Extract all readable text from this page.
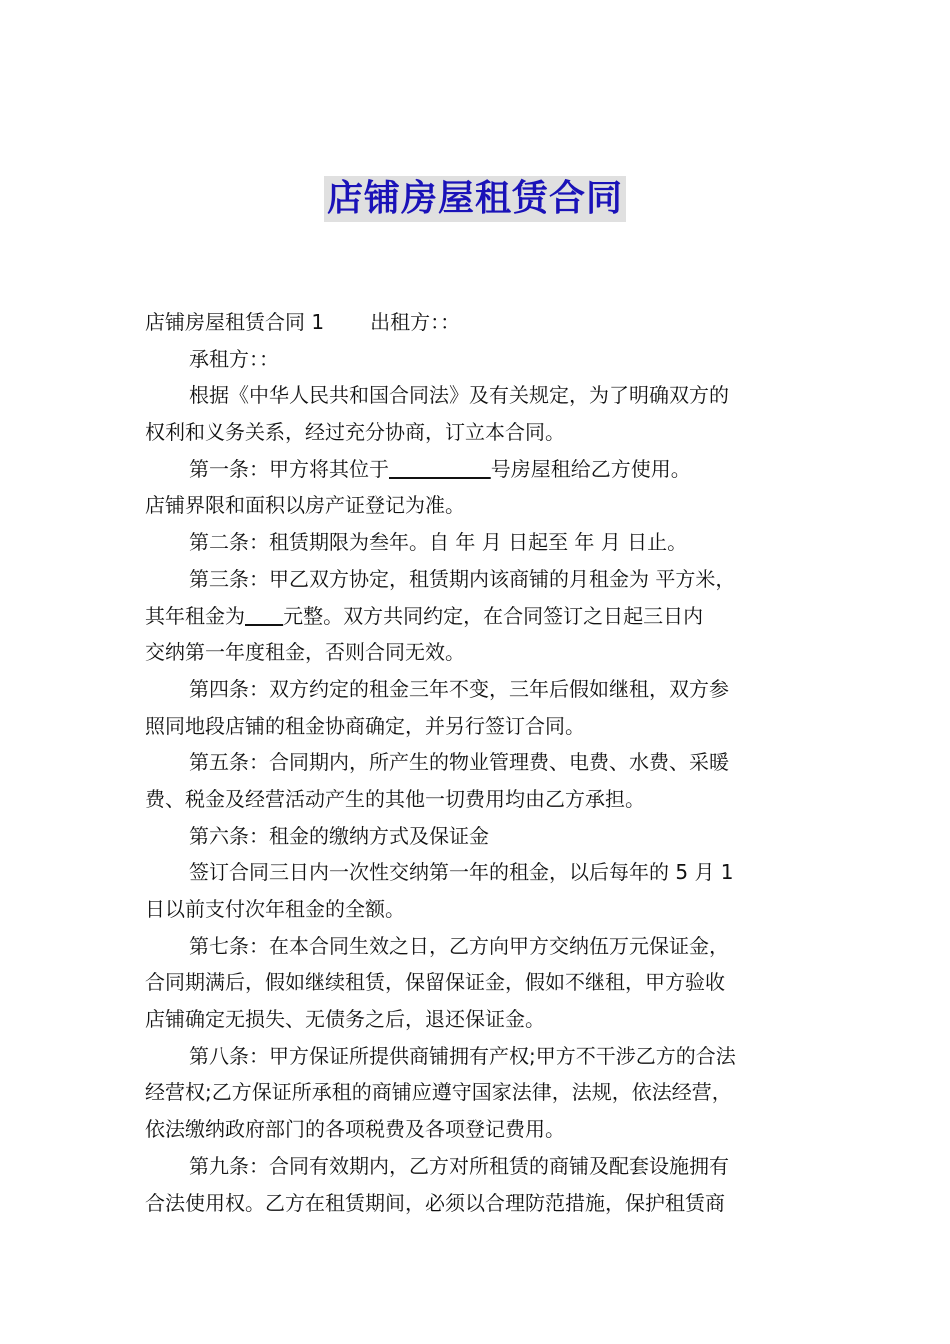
店铺房屋租赁合同
店铺房屋租赁合同 1 出租方：：
承租方：：
根据《中华人民共和国合同法》及有关规定，为了明确双方的
权利和义务关系，经过充分协商，订立本合同。
第一条：甲方将其位于	号房屋租给乙方使用。
店铺界限和面积以房产证登记为准。
第二条：租赁期限为叁年。自 年 月 日起至 年 月 日止。
第三条：甲乙双方协定，租赁期内该商铺的月租金为 平方米，
其年租金为 元整。双方共同约定，在合同签订之日起三日内
交纳第一年度租金，否则合同无效。
第四条：双方约定的租金三年不变，三年后假如继租，双方参
照同地段店铺的租金协商确定，并另行签订合同。
第五条：合同期内，所产生的物业管理费、电费、水费、采暖
费、税金及经营活动产生的其他一切费用均由乙方承担。
第六条：租金的缴纳方式及保证金
签订合同三日内一次性交纳第一年的租金，以后每年的 5 月 1
日以前支付次年租金的全额。
第七条：在本合同生效之日，乙方向甲方交纳伍万元保证金，
合同期满后，假如继续租赁，保留保证金，假如不继租，甲方验收
店铺确定无损失、无债务之后，退还保证金。
第八条：甲方保证所提供商铺拥有产权;甲方不干涉乙方的合法
经营权;乙方保证所承租的商铺应遵守国家法律，法规，依法经营，
依法缴纳政府部门的各项税费及各项登记费用。
第九条：合同有效期内，乙方对所租赁的商铺及配套设施拥有
合法使用权。乙方在租赁期间，必须以合理防范措施，保护租赁商
